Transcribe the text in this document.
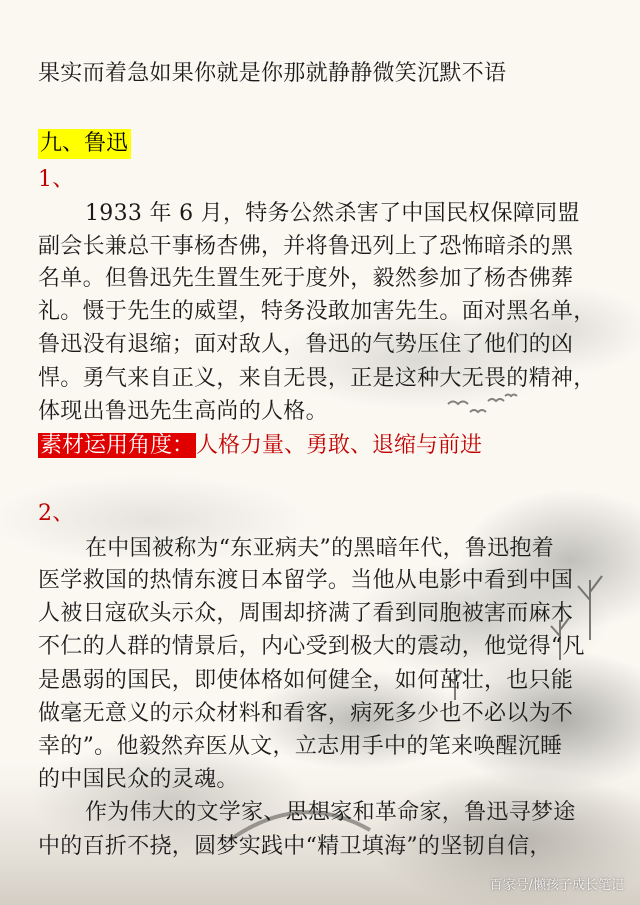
果实而着急如果你就是你那就静静微笑沉默不语
九、鲁迅
1、
1933 年 6 月，特务公然杀害了中国民权保障同盟
副会长兼总干事杨杏佛，并将鲁迅列上了恐怖暗杀的黑
名单。但鲁迅先生置生死于度外，毅然参加了杨杏佛葬
礼。慑于先生的威望，特务没敢加害先生。面对黑名单，
鲁迅没有退缩；面对敌人，鲁迅的气势压住了他们的凶
悍。勇气来自正义，来自无畏，正是这种大无畏的精神，
体现出鲁迅先生高尚的人格。
素材运用角度：人格力量、勇敢、退缩与前进
2、
在中国被称为“东亚病夫”的黑暗年代，鲁迅抱着
医学救国的热情东渡日本留学。当他从电影中看到中国
人被日寇砍头示众，周围却挤满了看到同胞被害而麻木
不仁的人群的情景后，内心受到极大的震动，他觉得“凡
是愚弱的国民，即使体格如何健全，如何茁壮，也只能
做毫无意义的示众材料和看客，病死多少也不必以为不
幸的”。他毅然弃医从文，立志用手中的笔来唤醒沉睡
的中国民众的灵魂。
作为伟大的文学家、思想家和革命家，鲁迅寻梦途
中的百折不挠，圆梦实践中“精卫填海”的坚韧自信，
百家号/懒孩子成长笔记
